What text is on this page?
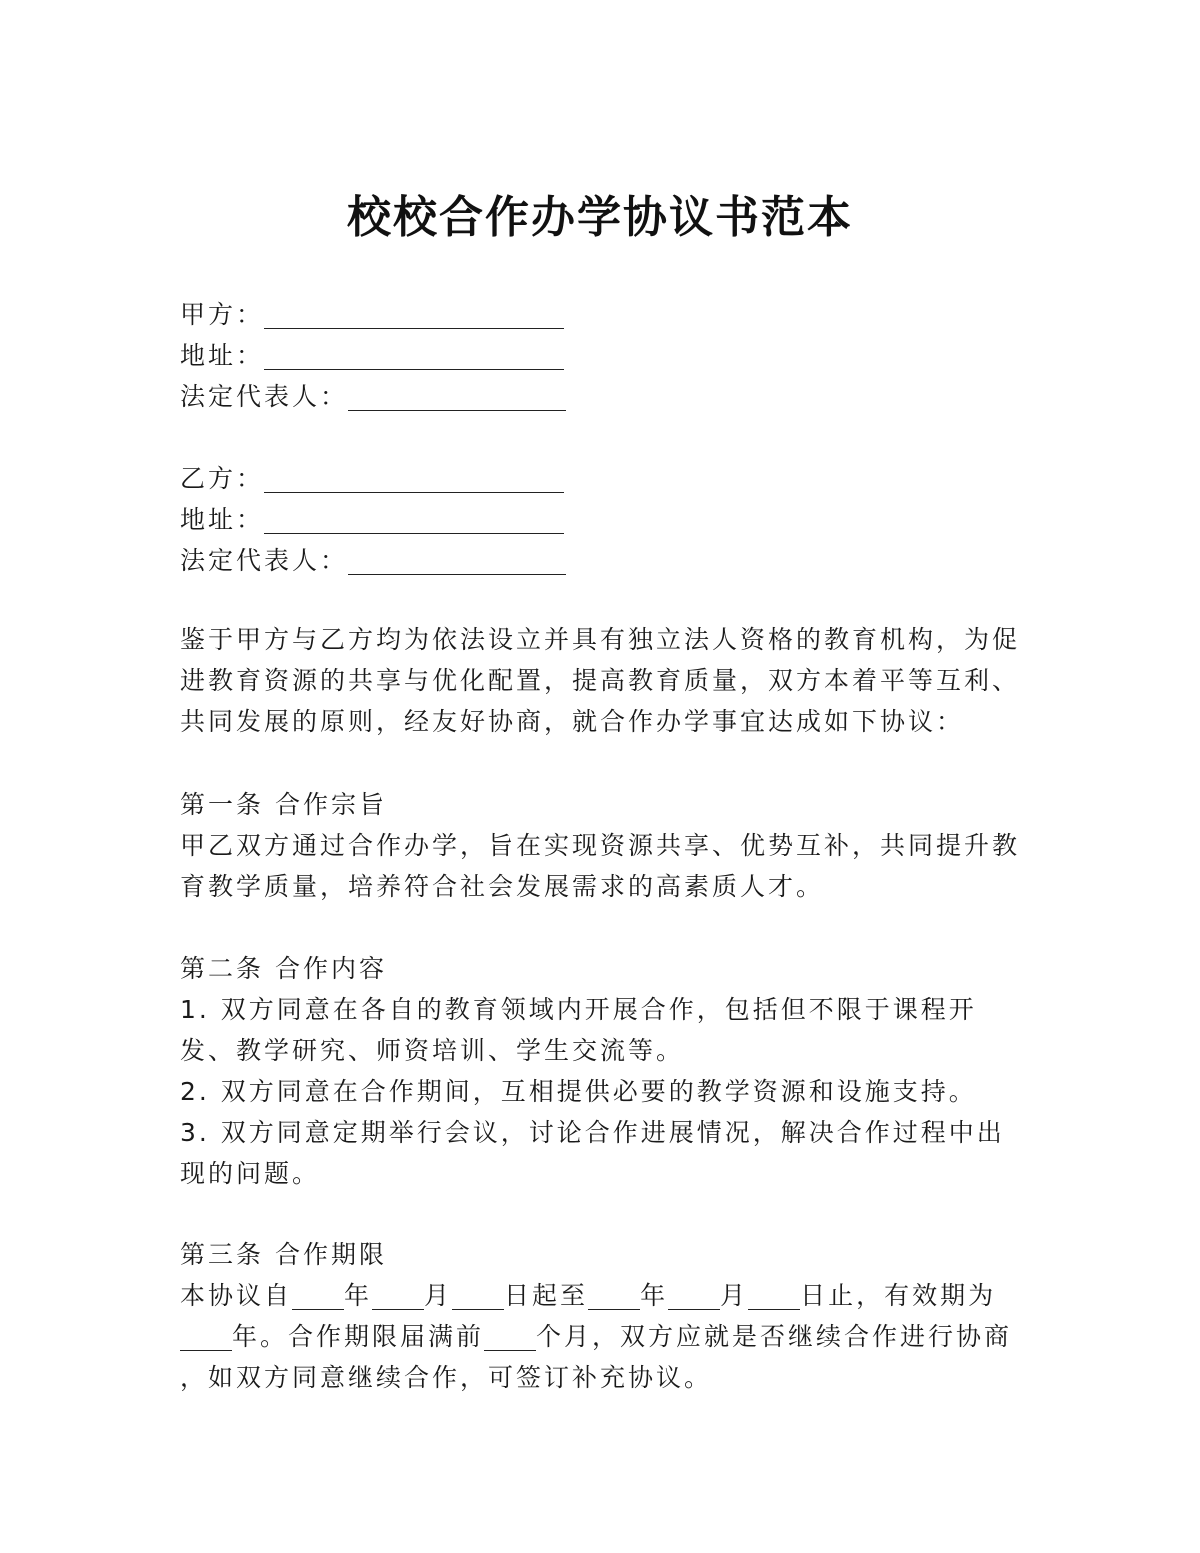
校校合作办学协议书范本
甲方：
地址：
法定代表人：
乙方：
地址：
法定代表人：

鉴于甲方与乙方均为依法设立并具有独立法人资格的教育机构，为促进教育资源的共享与优化配置，提高教育质量，双方本着平等互利、共同发展的原则，经友好协商，就合作办学事宜达成如下协议：

第一条 合作宗旨

甲乙双方通过合作办学，旨在实现资源共享、优势互补，共同提升教育教学质量，培养符合社会发展需求的高素质人才。

第二条 合作内容

1. 双方同意在各自的教育领域内开展合作，包括但不限于课程开发、教学研究、师资培训、学生交流等。

2. 双方同意在合作期间，互相提供必要的教学资源和设施支持。

3. 双方同意定期举行会议，讨论合作进展情况，解决合作过程中出现的问题。

第三条 合作期限

本协议自 年 月 日起至 年 月 日止，有效期为

年。合作期限届满前 个月，双方应就是否继续合作进行协商

，如双方同意继续合作，可签订补充协议。
